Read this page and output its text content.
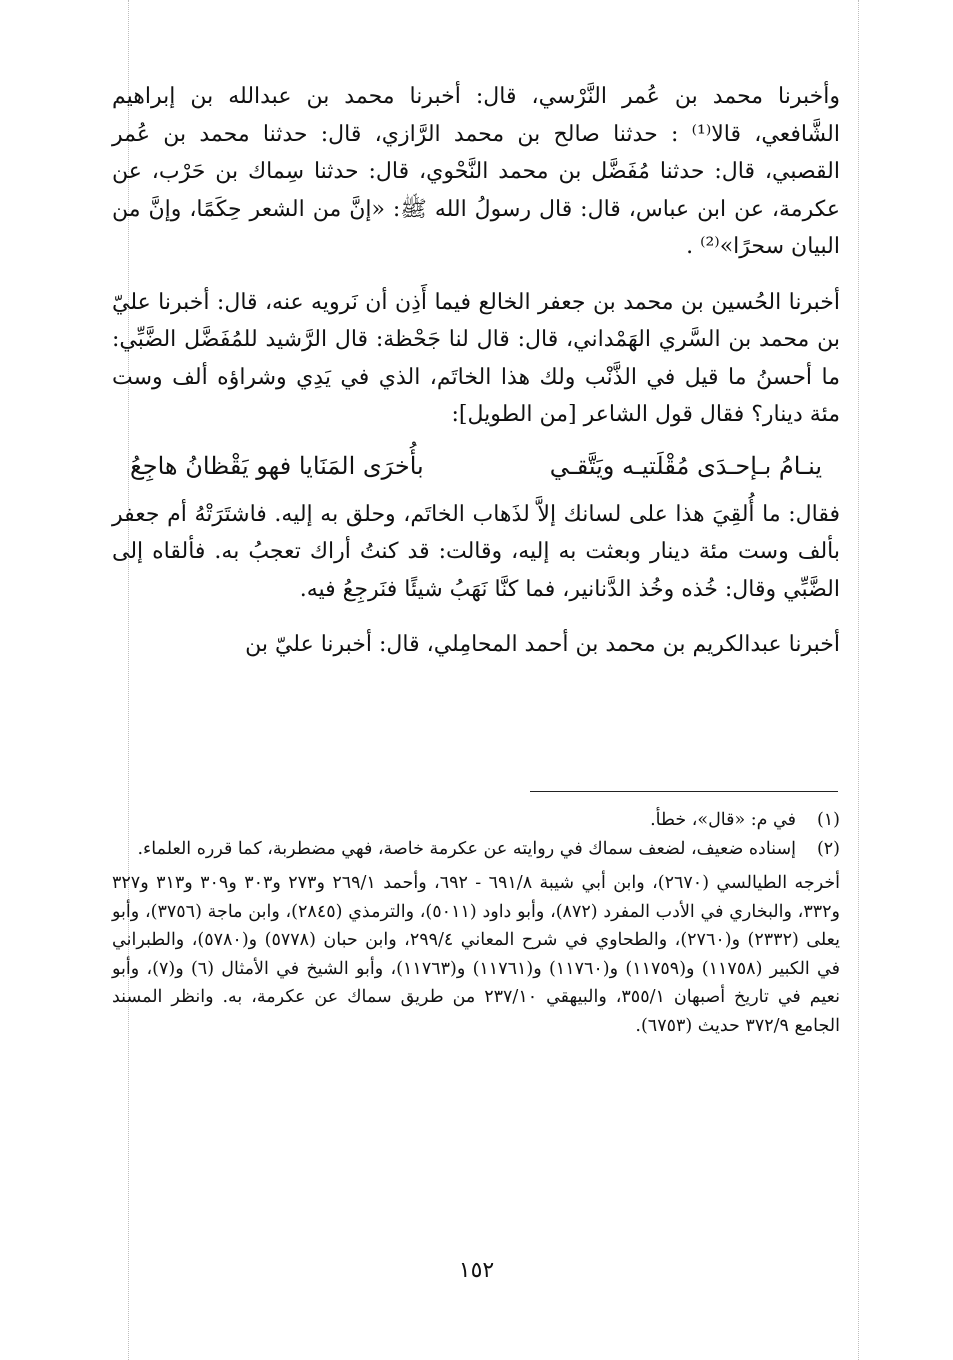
وأخبرنا محمد بن عُمر النَّرْسي، قال: أخبرنا محمد بن عبدالله بن إبراهيم الشَّافعي، قالا⁽¹⁾ : حدثنا صالح بن محمد الرَّازي، قال: حدثنا محمد بن عُمر القصبي، قال: حدثنا مُفَضَّل بن محمد النَّحْوي، قال: حدثنا سِماك بن حَرْب، عن عكرمة، عن ابن عباس، قال: قال رسولُ الله ﷺ: «إنَّ من الشعر حِكَمًا، وإنَّ من البيان سحرًا»⁽²⁾ .

أخبرنا الحُسين بن محمد بن جعفر الخالع فيما أَذِن أن نَرويه عنه، قال: أخبرنا عليّ بن محمد بن السَّري الهَمْداني، قال: قال لنا جَحْظة: قال الرَّشيد للمُفَضَّل الضَّبِّي: ما أحسنُ ما قيل في الذَّنْب ولك هذا الخاتَم، الذي في يَدِي وشراؤه ألف وست مئة دينار؟ فقال قول الشاعر [من الطويل]:

ينـامُ بـإحـدَى مُقْلَتيـه ويَتَّقـي
بأُخرَى المَنَايا فهو يَقْظانُ هاجِعُ

فقال: ما أُلقِيَ هذا على لسانك إلاَّ لذَهاب الخاتَم، وحلق به إليه. فاشتَرَتْهُ أم جعفر بألف وست مئة دينار وبعثت به إليه، وقالت: قد كنتُ أراك تعجبُ به. فألقاه إلى الضَّبِّي وقال: خُذه وخُذ الدَّنانير، فما كنَّا نَهَبُ شيئًا فنَرجِعُ فيه.

أخبرنا عبدالكريم بن محمد بن أحمد المحامِلي، قال: أخبرنا عليّ بن

(١)
في م: «قال»، خطأ.
(٢)
إسناده ضعيف، لضعف سماك في روايته عن عكرمة خاصة، فهي مضطربة، كما قرره العلماء.
أخرجه الطيالسي (٢٦٧٠)، وابن أبي شيبة ٦٩١/٨ - ٦٩٢، وأحمد ٢٦٩/١ و٢٧٣ و٣٠٣ و٣٠٩ و٣١٣ و٣٢٧ و٣٣٢، والبخاري في الأدب المفرد (٨٧٢)، وأبو داود (٥٠١١)، والترمذي (٢٨٤٥)، وابن ماجة (٣٧٥٦)، وأبو يعلى (٢٣٣٢) و(٢٧٦٠)، والطحاوي في شرح المعاني ٢٩٩/٤، وابن حبان (٥٧٧٨) و(٥٧٨٠)، والطبراني في الكبير (١١٧٥٨) و(١١٧٥٩) و(١١٧٦٠) و(١١٧٦١) و(١١٧٦٣)، وأبو الشيخ في الأمثال (٦) و(٧)، وأبو نعيم في تاريخ أصبهان ٣٥٥/١، والبيهقي ٢٣٧/١٠ من طريق سماك عن عكرمة، به. وانظر المسند الجامع ٣٧٢/٩ حديث (٦٧٥٣).
١٥٢
